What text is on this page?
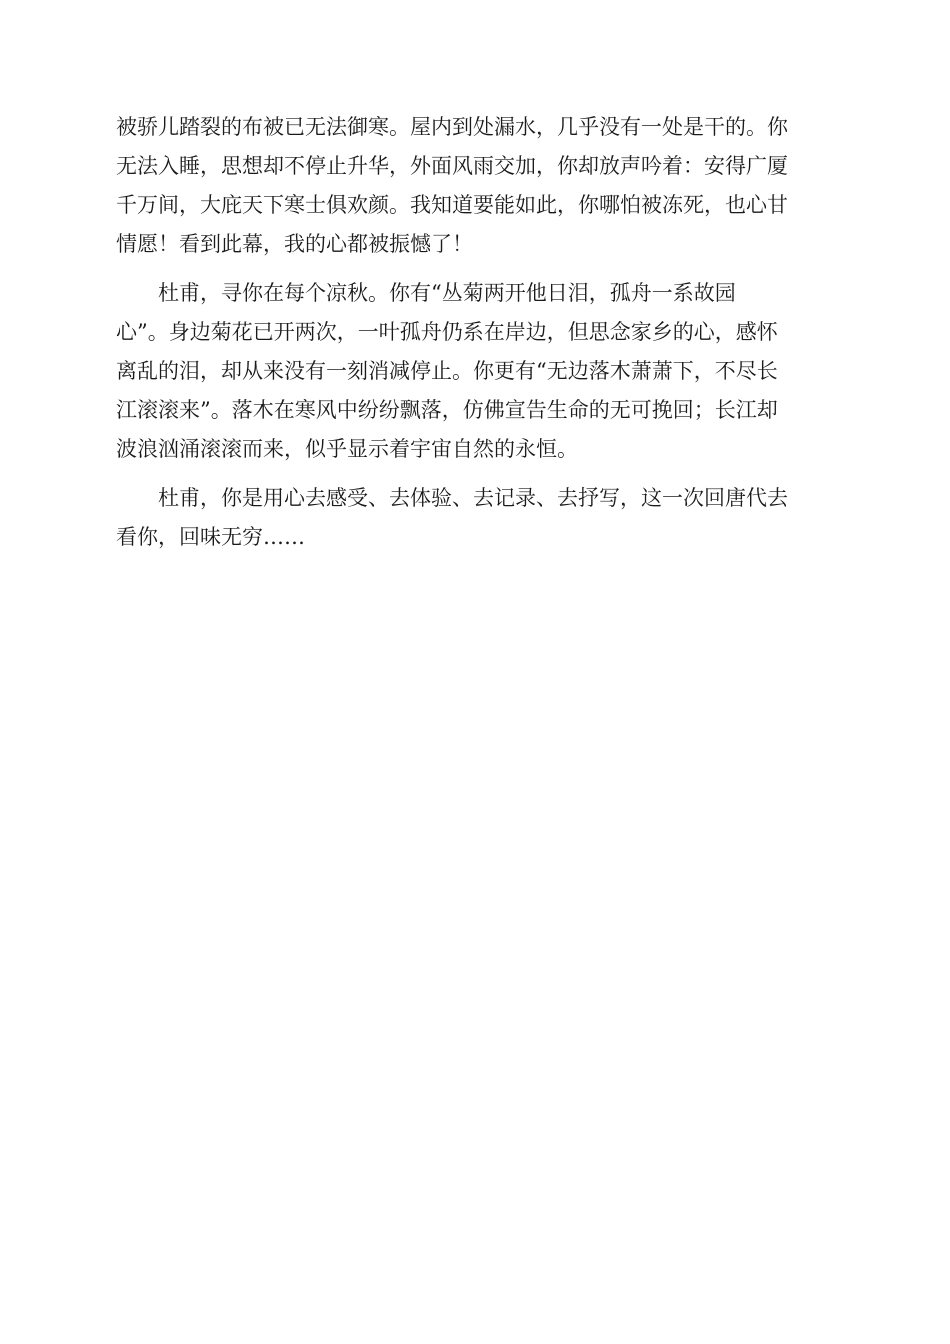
被骄儿踏裂的布被已无法御寒。屋内到处漏水，几乎没有一处是干的。你
无法入睡，思想却不停止升华，外面风雨交加，你却放声吟着：安得广厦
千万间，大庇天下寒士俱欢颜。我知道要能如此，你哪怕被冻死，也心甘
情愿！看到此幕，我的心都被振憾了！

杜甫，寻你在每个凉秋。你有“丛菊两开他日泪，孤舟一系故园
心”。身边菊花已开两次，一叶孤舟仍系在岸边，但思念家乡的心，感怀
离乱的泪，却从来没有一刻消减停止。你更有“无边落木萧萧下，不尽长
江滚滚来”。落木在寒风中纷纷飘落，仿佛宣告生命的无可挽回；长江却
波浪汹涌滚滚而来，似乎显示着宇宙自然的永恒。

杜甫，你是用心去感受、去体验、去记录、去抒写，这一次回唐代去
看你，回味无穷……
